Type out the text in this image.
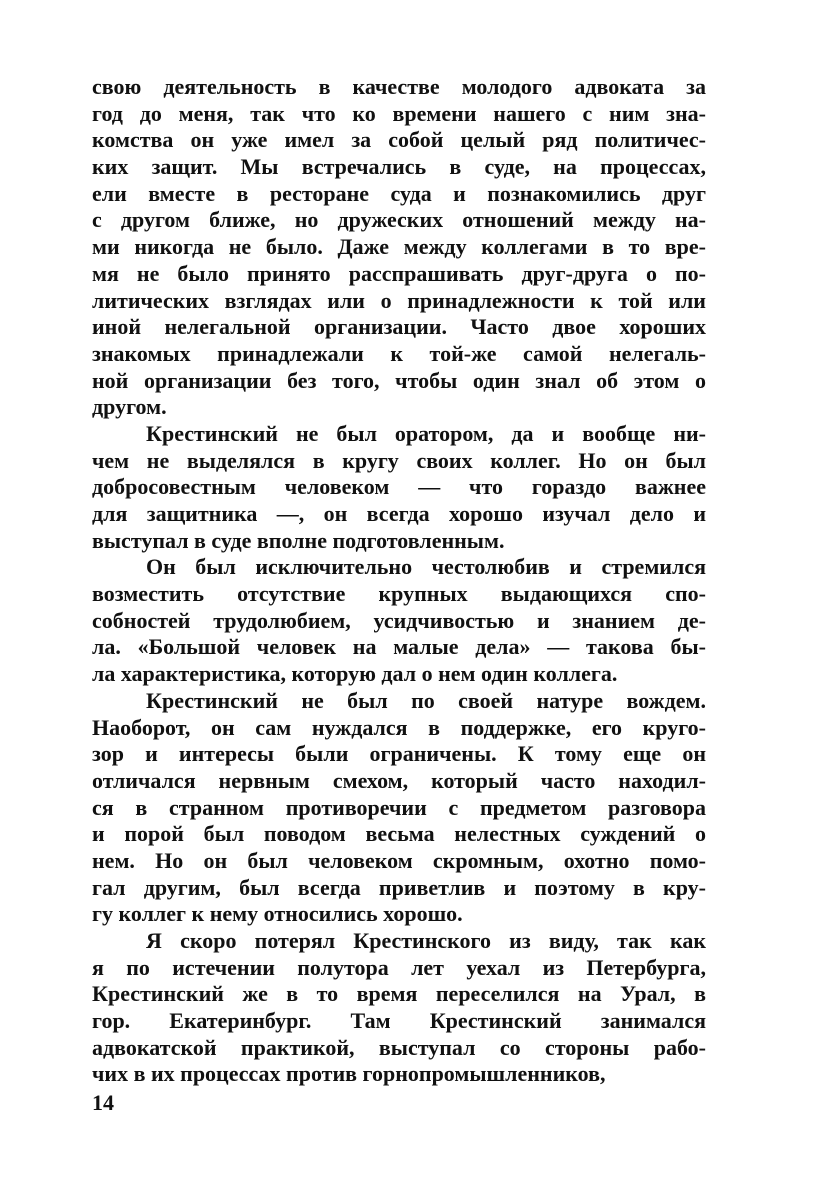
свою деятельность в качестве молодого адвоката за
год до меня, так что ко времени нашего с ним зна-
комства он уже имел за собой целый ряд политичес-
ких защит. Мы встречались в суде, на процессах,
ели вместе в ресторане суда и познакомились друг
с другом ближе, но дружеских отношений между на-
ми никогда не было. Даже между коллегами в то вре-
мя не было принято расспрашивать друг-друга о по-
литических взглядах или о принадлежности к той или
иной нелегальной организации. Часто двое хороших
знакомых принадлежали к той-же самой нелегаль-
ной организации без того, чтобы один знал об этом о
другом.
Крестинский не был оратором, да и вообще ни-
чем не выделялся в кругу своих коллег. Но он был
добросовестным человеком — что гораздо важнее
для защитника —, он всегда хорошо изучал дело и
выступал в суде вполне подготовленным.
Он был исключительно честолюбив и стремился
возместить отсутствие крупных выдающихся спо-
собностей трудолюбием, усидчивостью и знанием де-
ла. «Большой человек на малые дела» — такова бы-
ла характеристика, которую дал о нем один коллега.
Крестинский не был по своей натуре вождем.
Наоборот, он сам нуждался в поддержке, его круго-
зор и интересы были ограничены. К тому еще он
отличался нервным смехом, который часто находил-
ся в странном противоречии с предметом разговора
и порой был поводом весьма нелестных суждений о
нем. Но он был человеком скромным, охотно помо-
гал другим, был всегда приветлив и поэтому в кру-
гу коллег к нему относились хорошо.
Я скоро потерял Крестинского из виду, так как
я по истечении полутора лет уехал из Петербурга,
Крестинский же в то время переселился на Урал, в
гор. Екатеринбург. Там Крестинский занимался
адвокатской практикой, выступал со стороны рабо-
чих в их процессах против горнопромышленников,
14
